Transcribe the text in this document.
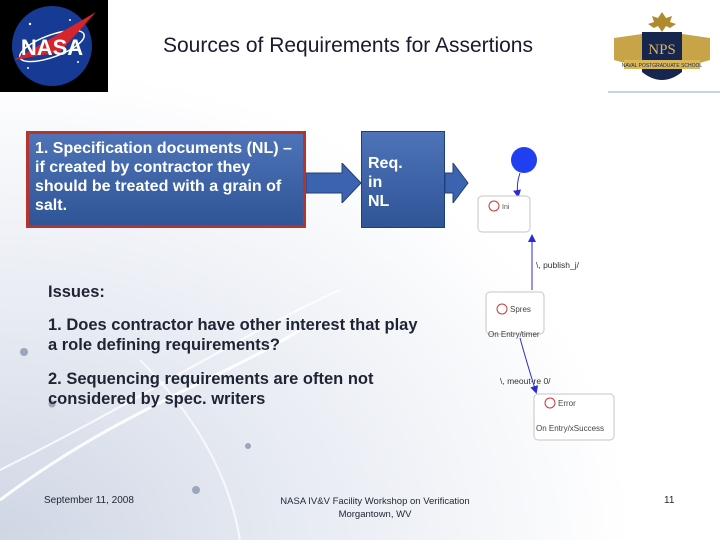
NASA	Sources of Requirements for Assertions	NPS
NAVAL POSTGRADUATE SCHOOL
1. Specification documents (NL) – if created by contractor they should be treated with a grain of salt.
Req.
in
NL	Ini
\, publish_j/
Spres
On Entry/timer
\, meout-re 0/
Error
On Entry/xSuccess
Issues:
1. Does contractor have other interest that play a role defining requirements?
2. Sequencing requirements are often not considered by spec. writers
September 11, 2008	NASA IV&V Facility Workshop on Verification
Morgantown, WV
11
